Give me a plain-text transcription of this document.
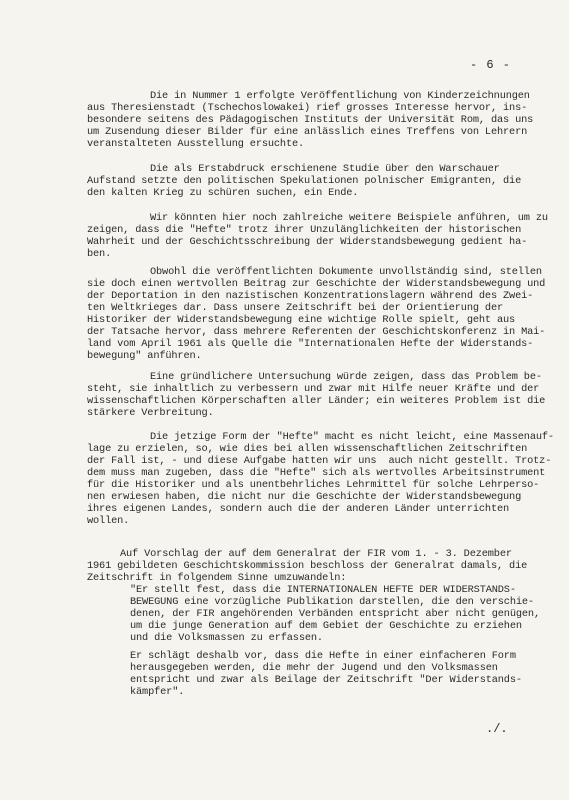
- 6 -
Die in Nummer 1 erfolgte Veröffentlichung von Kinderzeichnungen
aus Theresienstadt (Tschechoslowakei) rief grosses Interesse hervor, ins-
besondere seitens des Pädagogischen Instituts der Universität Rom, das uns
um Zusendung dieser Bilder für eine anlässlich eines Treffens von Lehrern
veranstalteten Ausstellung ersuchte.
Die als Erstabdruck erschienene Studie über den Warschauer
Aufstand setzte den politischen Spekulationen polnischer Emigranten, die
den kalten Krieg zu schüren suchen, ein Ende.
Wir könnten hier noch zahlreiche weitere Beispiele anführen, um zu
zeigen, dass die "Hefte" trotz ihrer Unzulänglichkeiten der historischen
Wahrheit und der Geschichtsschreibung der Widerstandsbewegung gedient ha-
ben.
Obwohl die veröffentlichten Dokumente unvollständig sind, stellen
sie doch einen wertvollen Beitrag zur Geschichte der Widerstandsbewegung und
der Deportation in den nazistischen Konzentrationslagern während des Zwei-
ten Weltkrieges dar. Dass unsere Zeitschrift bei der Orientierung der
Historiker der Widerstandsbewegung eine wichtige Rolle spielt, geht aus
der Tatsache hervor, dass mehrere Referenten der Geschichtskonferenz in Mai-
land vom April 1961 als Quelle die "Internationalen Hefte der Widerstands-
bewegung" anführen.
Eine gründlichere Untersuchung würde zeigen, dass das Problem be-
steht, sie inhaltlich zu verbessern und zwar mit Hilfe neuer Kräfte und der
wissenschaftlichen Körperschaften aller Länder; ein weiteres Problem ist die
stärkere Verbreitung.
Die jetzige Form der "Hefte" macht es nicht leicht, eine Massenauf-
lage zu erzielen, so, wie dies bei allen wissenschaftlichen Zeitschriften
der Fall ist, - und diese Aufgabe hatten wir uns  auch nicht gestellt. Trotz-
dem muss man zugeben, dass die "Hefte" sich als wertvolles Arbeitsinstrument
für die Historiker und als unentbehrliches Lehrmittel für solche Lehrperso-
nen erwiesen haben, die nicht nur die Geschichte der Widerstandsbewegung
ihres eigenen Landes, sondern auch die der anderen Länder unterrichten
wollen.
Auf Vorschlag der auf dem Generalrat der FIR vom 1. - 3. Dezember
1961 gebildeten Geschichtskommission beschloss der Generalrat damals, die
Zeitschrift in folgendem Sinne umzuwandeln:
"Er stellt fest, dass die INTERNATIONALEN HEFTE DER WIDERSTANDS-
BEWEGUNG eine vorzügliche Publikation darstellen, die den verschie-
denen, der FIR angehörenden Verbänden entspricht aber nicht genügen,
um die junge Generation auf dem Gebiet der Geschichte zu erziehen
und die Volksmassen zu erfassen.
Er schlägt deshalb vor, dass die Hefte in einer einfacheren Form
herausgegeben werden, die mehr der Jugend und den Volksmassen
entspricht und zwar als Beilage der Zeitschrift "Der Widerstands-
kämpfer".
./.
